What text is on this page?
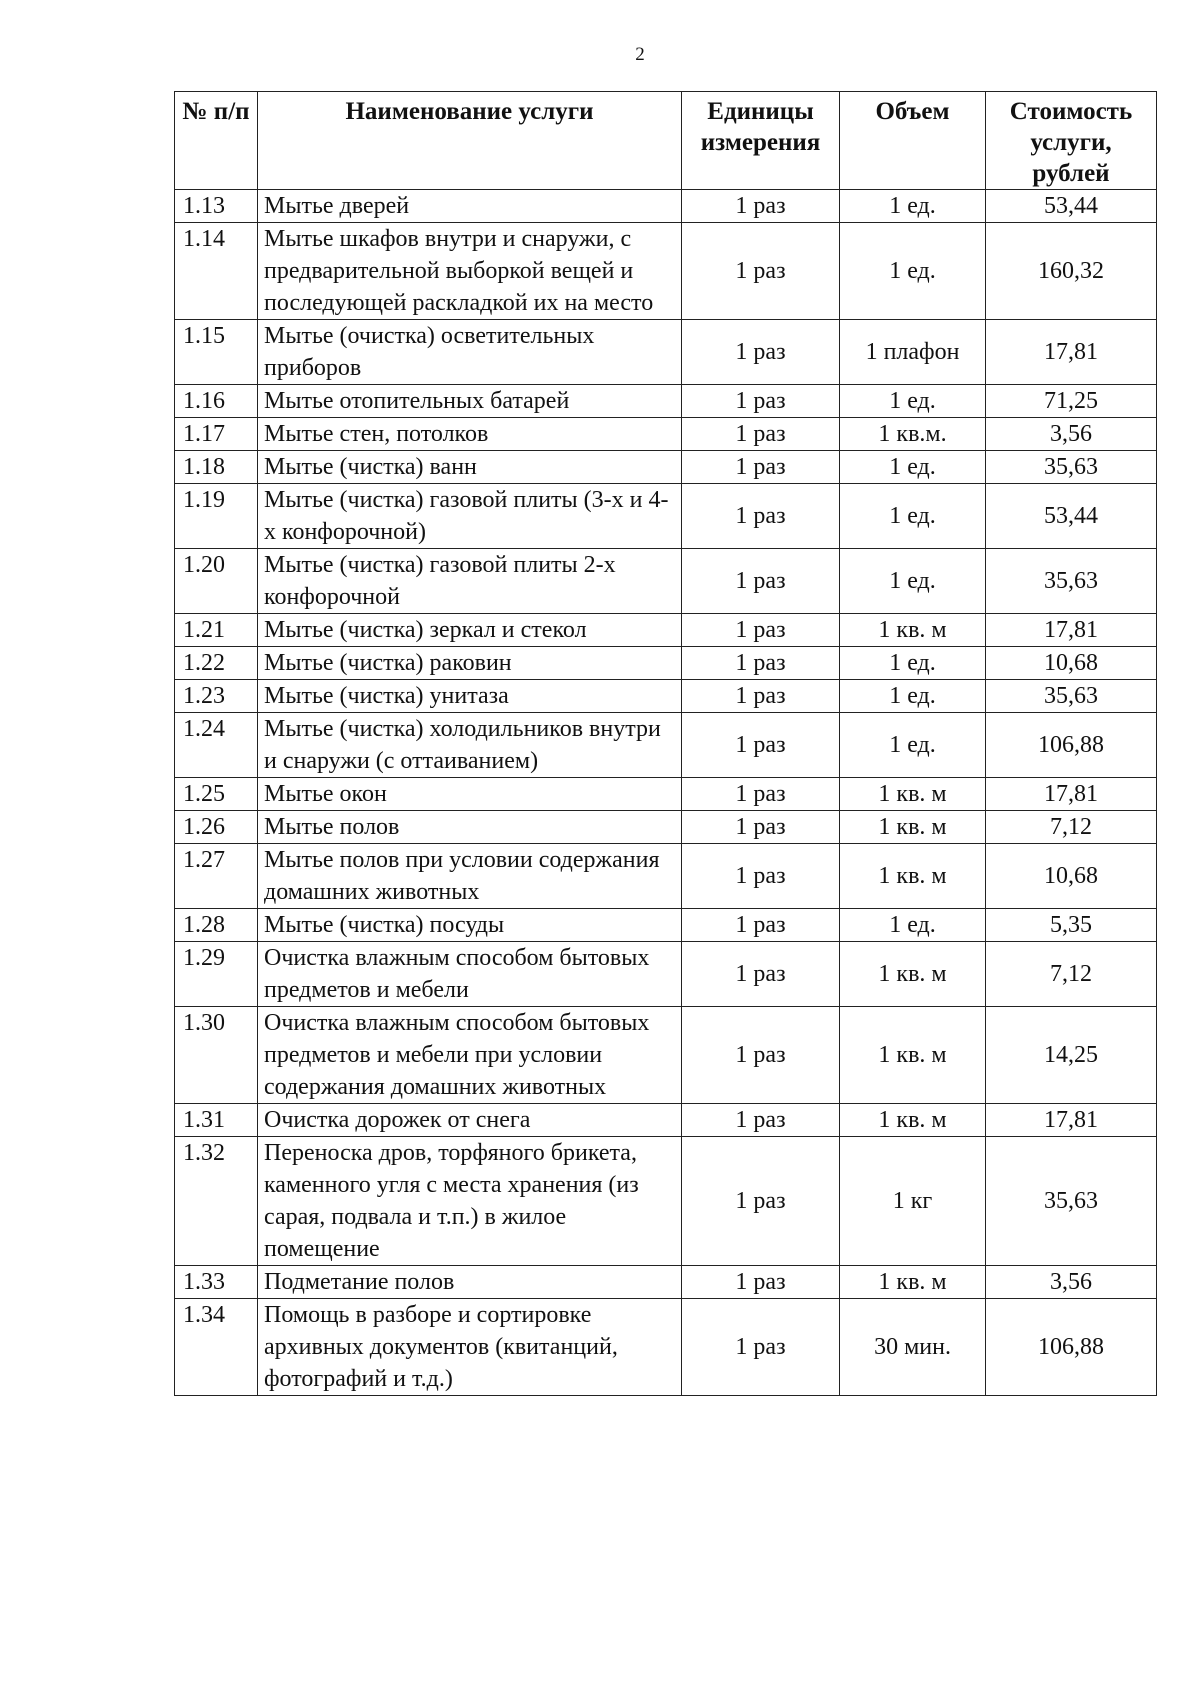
2
№ п/п	Наименование услуги	Единицы измерения	Объем	Стоимость услуги, рублей
1.13	Мытье дверей	1 раз	1 ед.	53,44
1.14	Мытье шкафов внутри и снаружи, с предварительной выборкой вещей и последующей раскладкой их на место	1 раз	1 ед.	160,32
1.15	Мытье (очистка) осветительных приборов	1 раз	1 плафон	17,81
1.16	Мытье отопительных батарей	1 раз	1 ед.	71,25
1.17	Мытье стен, потолков	1 раз	1 кв.м.	3,56
1.18	Мытье (чистка) ванн	1 раз	1 ед.	35,63
1.19	Мытье (чистка) газовой плиты (3-х и 4-х конфорочной)	1 раз	1 ед.	53,44
1.20	Мытье (чистка) газовой плиты 2-х конфорочной	1 раз	1 ед.	35,63
1.21	Мытье (чистка) зеркал и стекол	1 раз	1 кв. м	17,81
1.22	Мытье (чистка) раковин	1 раз	1 ед.	10,68
1.23	Мытье (чистка) унитаза	1 раз	1 ед.	35,63
1.24	Мытье (чистка) холодильников внутри и снаружи (с оттаиванием)	1 раз	1 ед.	106,88
1.25	Мытье окон	1 раз	1 кв. м	17,81
1.26	Мытье полов	1 раз	1 кв. м	7,12
1.27	Мытье полов при условии содержания домашних животных	1 раз	1 кв. м	10,68
1.28	Мытье (чистка) посуды	1 раз	1 ед.	5,35
1.29	Очистка влажным способом бытовых предметов и мебели	1 раз	1 кв. м	7,12
1.30	Очистка влажным способом бытовых предметов и мебели при условии содержания домашних животных	1 раз	1 кв. м	14,25
1.31	Очистка дорожек от снега	1 раз	1 кв. м	17,81
1.32	Переноска дров, торфяного брикета, каменного угля с места хранения (из сарая, подвала и т.п.) в жилое помещение	1 раз	1 кг	35,63
1.33	Подметание полов	1 раз	1 кв. м	3,56
1.34	Помощь в разборе и сортировке архивных документов (квитанций, фотографий и т.д.)	1 раз	30 мин.	106,88
